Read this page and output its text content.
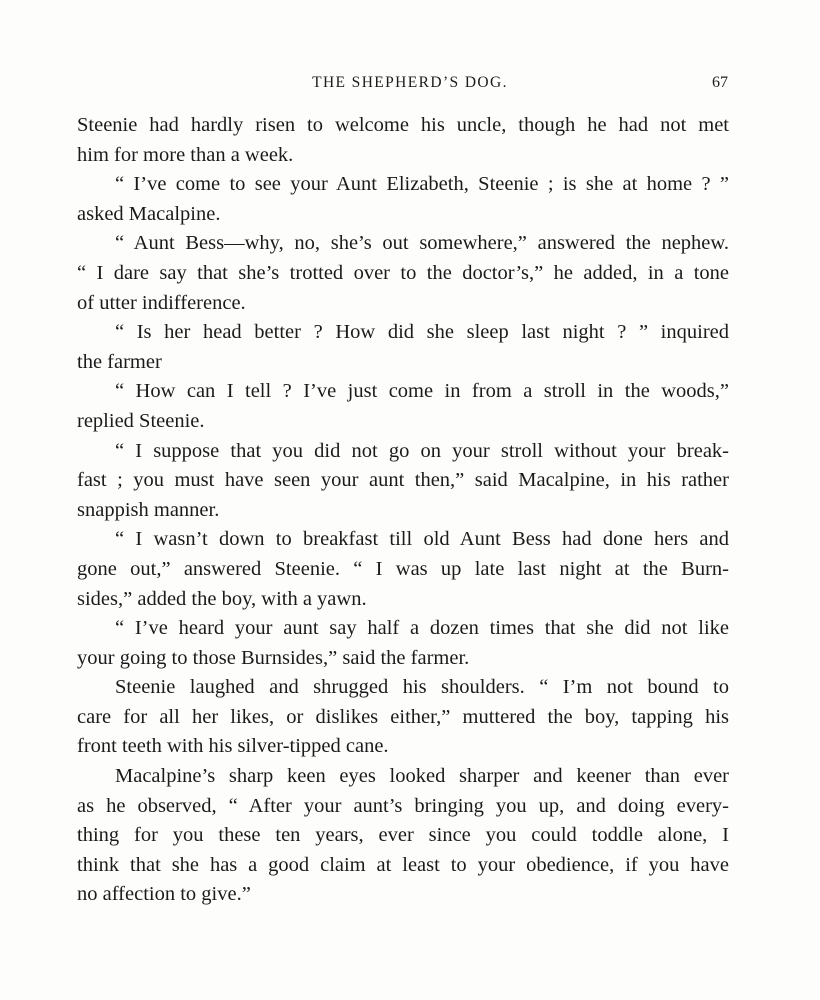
THE SHEPHERD’S DOG.	67
Steenie had hardly risen to welcome his uncle, though he had not met
him for more than a week.
“ I’ve come to see your Aunt Elizabeth, Steenie ; is she at home ? ”
asked Macalpine.
“ Aunt Bess—why, no, she’s out somewhere,” answered the nephew.
“ I dare say that she’s trotted over to the doctor’s,” he added, in a tone
of utter indifference.
“ Is her head better ? How did she sleep last night ? ” inquired
the farmer
“ How can I tell ? I’ve just come in from a stroll in the woods,”
replied Steenie.
“ I suppose that you did not go on your stroll without your break-
fast ; you must have seen your aunt then,” said Macalpine, in his rather
snappish manner.
“ I wasn’t down to breakfast till old Aunt Bess had done hers and
gone out,” answered Steenie. “ I was up late last night at the Burn-
sides,” added the boy, with a yawn.
“ I’ve heard your aunt say half a dozen times that she did not like
your going to those Burnsides,” said the farmer.
Steenie laughed and shrugged his shoulders. “ I’m not bound to
care for all her likes, or dislikes either,” muttered the boy, tapping his
front teeth with his silver-tipped cane.
Macalpine’s sharp keen eyes looked sharper and keener than ever
as he observed, “ After your aunt’s bringing you up, and doing every-
thing for you these ten years, ever since you could toddle alone, I
think that she has a good claim at least to your obedience, if you have
no affection to give.”
